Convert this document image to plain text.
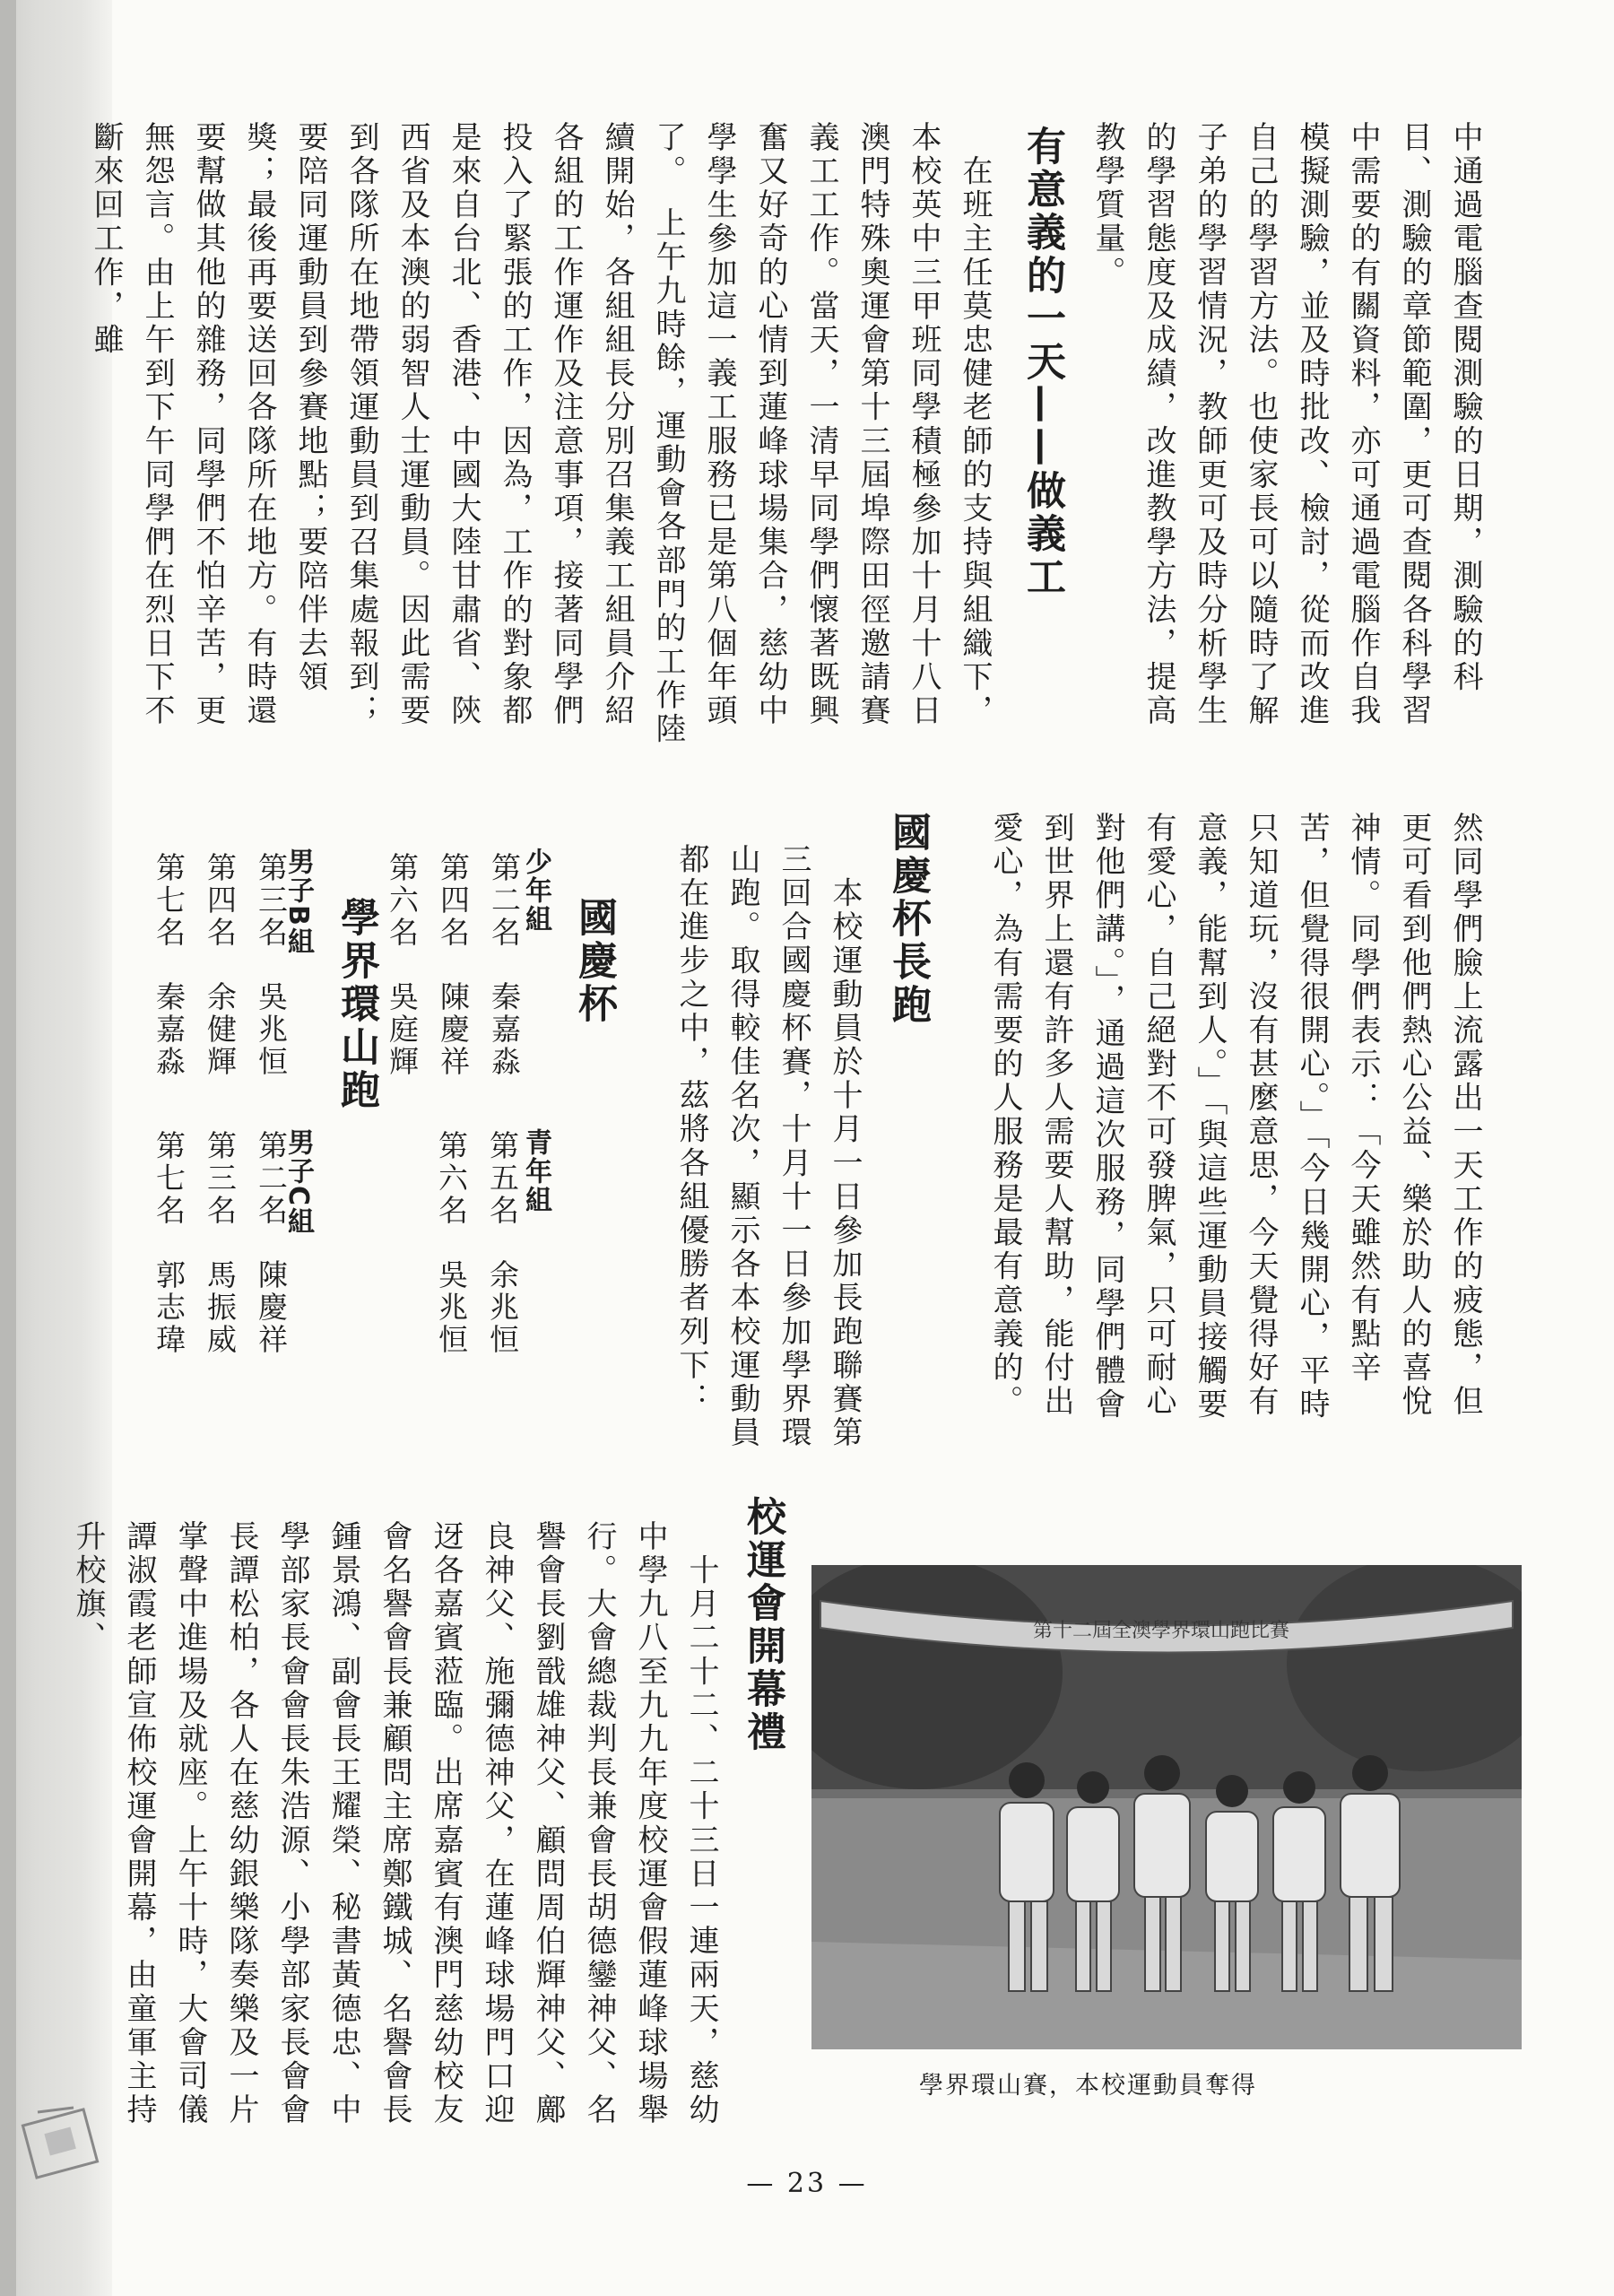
中通過電腦查閱測驗的日期，測驗的科目、測驗的章節範圍，更可查閱各科學習中需要的有關資料，亦可通過電腦作自我模擬測驗，並及時批改、檢討，從而改進自己的學習方法。也使家長可以隨時了解子弟的學習情況，教師更可及時分析學生的學習態度及成績，改進教學方法，提高教學質量。
有意義的一天——做義工
　在班主任莫忠健老師的支持與組織下，本校英中三甲班同學積極參加十月十八日澳門特殊奧運會第十三屆埠際田徑邀請賽義工工作。當天，一清早同學們懷著既興奮又好奇的心情到蓮峰球場集合，慈幼中學學生參加這一義工服務已是第八個年頭了。　上午九時餘，運動會各部門的工作陸續開始，各組組長分別召集義工組員介紹各組的工作運作及注意事項，接著同學們投入了緊張的工作，因為，工作的對象都是來自台北、香港、中國大陸甘肅省、陝西省及本澳的弱智人士運動員。因此需要到各隊所在地帶領運動員到召集處報到；要陪同運動員到參賽地點；要陪伴去領獎；最後再要送回各隊所在地方。有時還要幫做其他的雜務，同學們不怕辛苦，更無怨言。由上午到下午同學們在烈日下不斷來回工作，雖
然同學們臉上流露出一天工作的疲態，但更可看到他們熱心公益、樂於助人的喜悅神情。同學們表示：「今天雖然有點辛苦，但覺得很開心。」「今日幾開心，平時只知道玩，沒有甚麼意思，今天覺得好有意義，能幫到人。」「與這些運動員接觸要有愛心，自己絕對不可發脾氣，只可耐心對他們講。」，通過這次服務，同學們體會到世界上還有許多人需要人幫助，能付出愛心，為有需要的人服務是最有意義的。
國慶杯長跑
　本校運動員於十月一日參加長跑聯賽第三回合國慶杯賽，十月十一日參加學界環山跑。取得較佳名次，顯示各本校運動員都在進步之中，茲將各組優勝者列下：
國慶杯
少年組
第二名　秦嘉淼
第四名　陳慶祥
第六名　吳庭輝
青年組
第五名　余兆恒
第六名　吳兆恒
學界環山跑
男子B組
第三名　吳兆恒
第四名　余健輝
第七名　秦嘉淼
男子C組
第二名　陳慶祥
第三名　馬振威
第七名　郭志瑋
校運會開幕禮
　十月二十二、二十三日一連兩天，慈幼中學九八至九九年度校運會假蓮峰球場舉行。大會總裁判長兼會長胡德鑾神父、名譽會長劉戩雄神父、顧問周伯輝神父、鄺良神父、施彌德神父，在蓮峰球場門口迎迓各嘉賓蒞臨。出席嘉賓有澳門慈幼校友會名譽會長兼顧問主席鄭鐵城、名譽會長鍾景鴻、副會長王耀榮、秘書黃德忠、中學部家長會會長朱浩源、小學部家長會會長譚松柏，各人在慈幼銀樂隊奏樂及一片掌聲中進場及就座。上午十時，大會司儀譚淑霞老師宣佈校運會開幕，由童軍主持升校旗、	第十二屆全澳學界環山跑比賽
學界環山賽，本校運動員奪得
— 23 —
